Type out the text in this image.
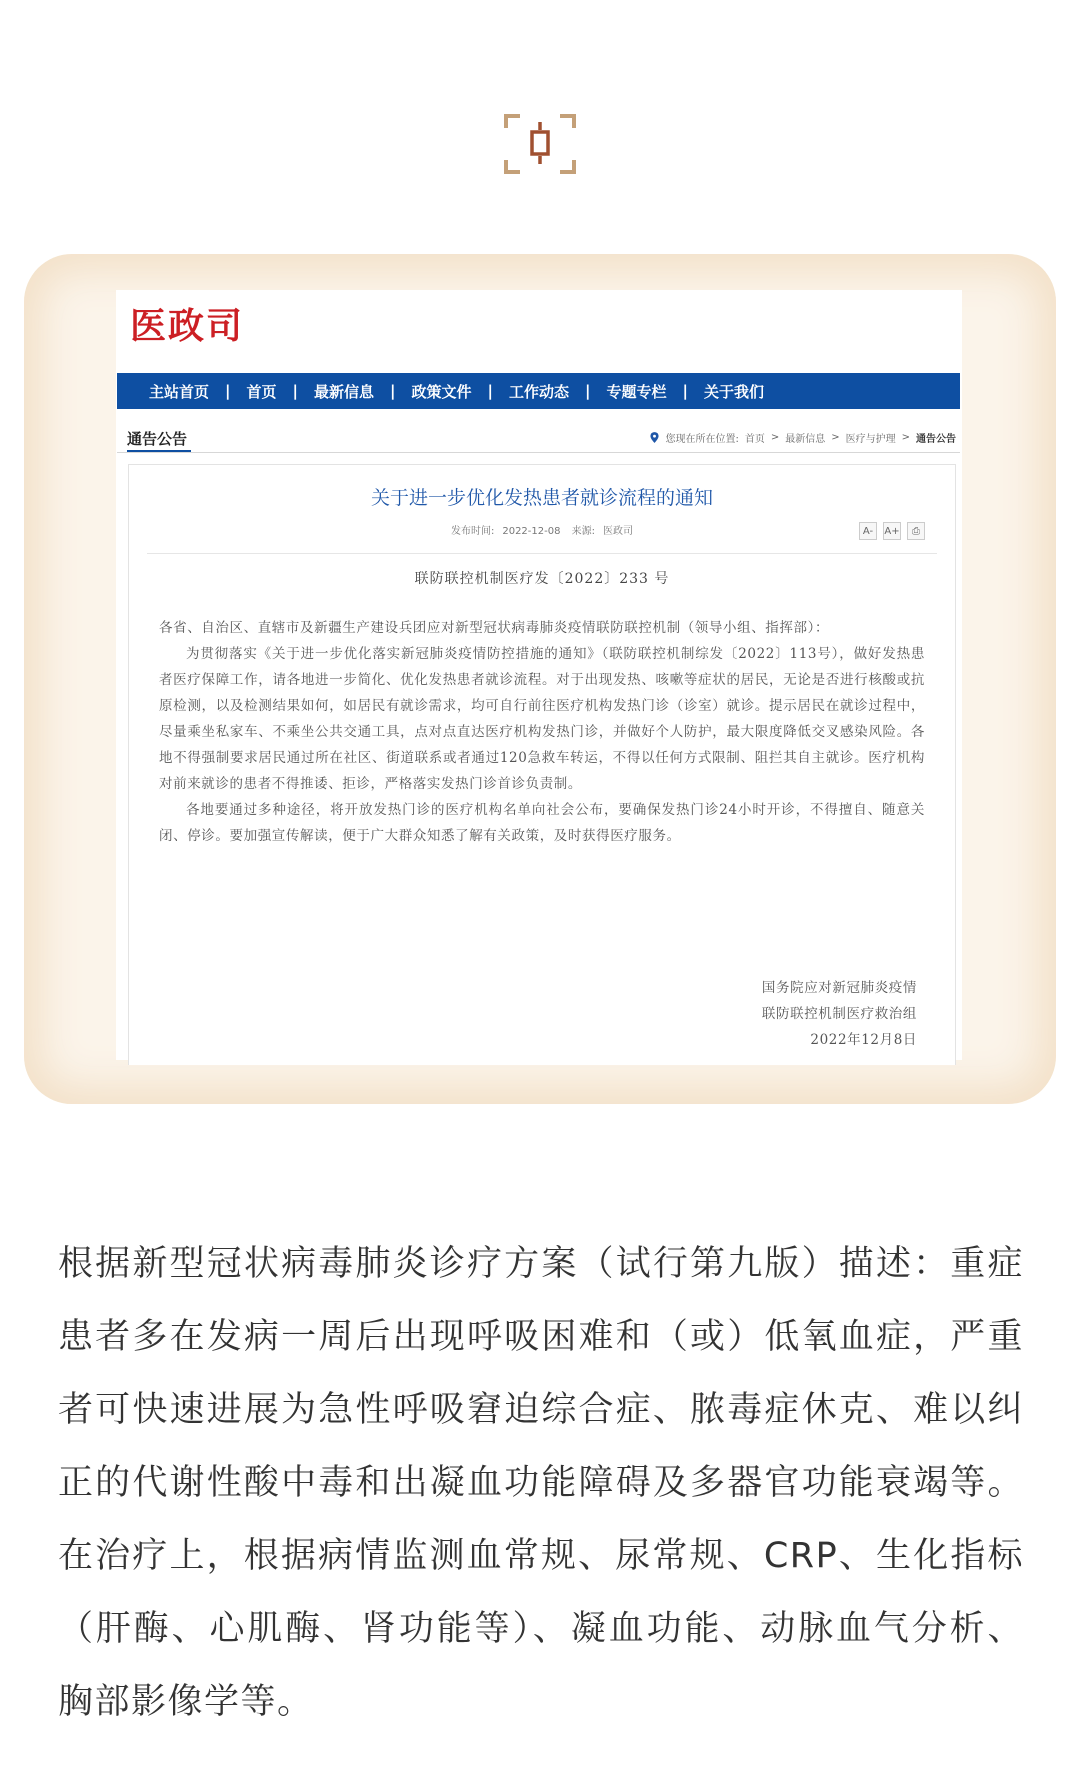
医政司
主站首页	|	首页	|	最新信息	|	政策文件	|	工作动态	|	专题专栏	|	关于我们
通告公告	您现在所在位置: 首页 > 最新信息 > 医疗与护理 > 通告公告
关于进一步优化发热患者就诊流程的通知
发布时间: 2022-12-08 来源: 医政司	A-	A+	⎙
联防联控机制医疗发〔2022〕233 号

各省、自治区、直辖市及新疆生产建设兵团应对新型冠状病毒肺炎疫情联防联控机制（领导小组、指挥部）：

为贯彻落实《关于进一步优化落实新冠肺炎疫情防控措施的通知》（联防联控机制综发〔2022〕113号），做好发热患者医疗保障工作，请各地进一步简化、优化发热患者就诊流程。对于出现发热、咳嗽等症状的居民，无论是否进行核酸或抗原检测，以及检测结果如何，如居民有就诊需求，均可自行前往医疗机构发热门诊（诊室）就诊。提示居民在就诊过程中，尽量乘坐私家车、不乘坐公共交通工具，点对点直达医疗机构发热门诊，并做好个人防护，最大限度降低交叉感染风险。各地不得强制要求居民通过所在社区、街道联系或者通过120急救车转运，不得以任何方式限制、阻拦其自主就诊。医疗机构对前来就诊的患者不得推诿、拒诊，严格落实发热门诊首诊负责制。

各地要通过多种途径，将开放发热门诊的医疗机构名单向社会公布，要确保发热门诊24小时开诊，不得擅自、随意关闭、停诊。要加强宣传解读，便于广大群众知悉了解有关政策，及时获得医疗服务。

国务院应对新冠肺炎疫情
联防联控机制医疗救治组
2022年12月8日
根据新型冠状病毒肺炎诊疗方案（试行第九版）描述：重症患者多在发病一周后出现呼吸困难和（或）低氧血症，严重者可快速进展为急性呼吸窘迫综合症、脓毒症休克、难以纠正的代谢性酸中毒和出凝血功能障碍及多器官功能衰竭等。在治疗上，根据病情监测血常规、尿常规、CRP、生化指标（肝酶、心肌酶、肾功能等）、凝血功能、动脉血气分析、胸部影像学等。
